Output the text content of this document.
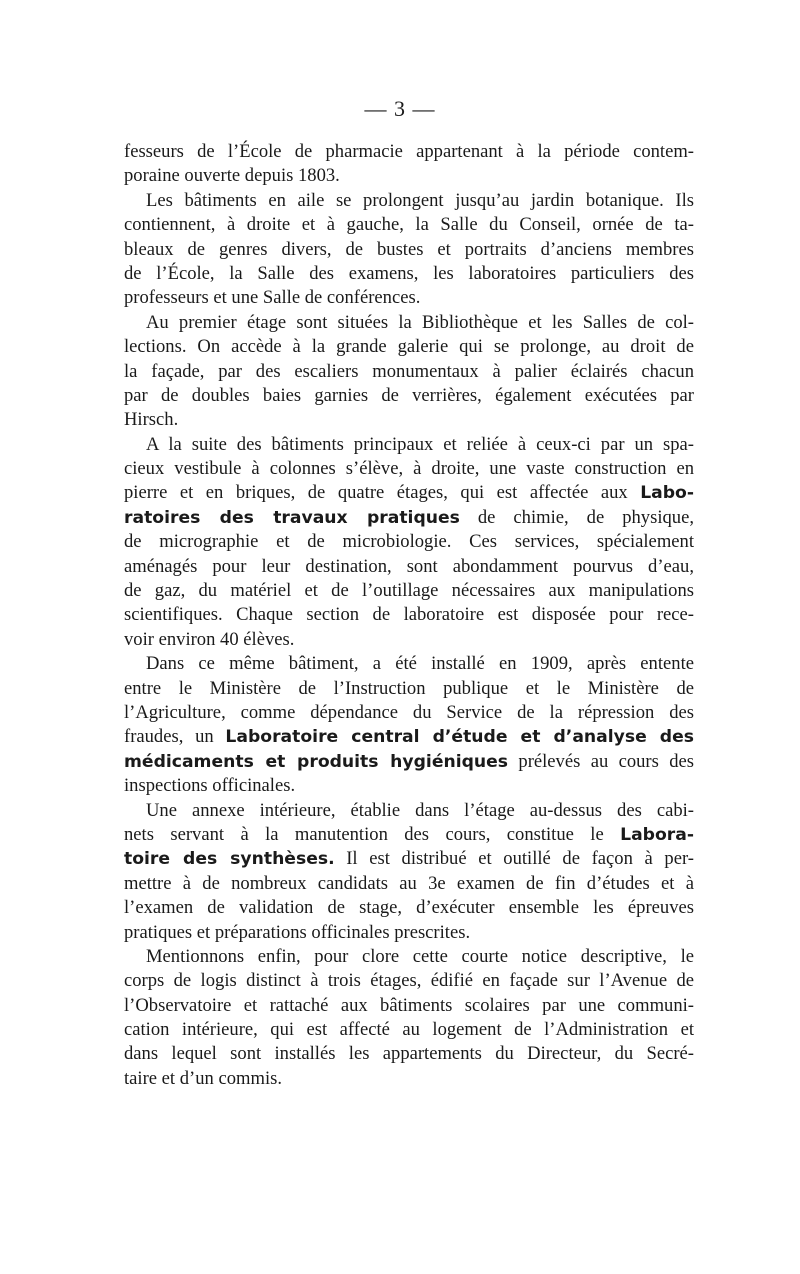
— 3 —
fesseurs de l’École de pharmacie appartenant à la période contem-
poraine ouverte depuis 1803.
Les bâtiments en aile se prolongent jusqu’au jardin botanique. Ils
contiennent, à droite et à gauche, la Salle du Conseil, ornée de ta-
bleaux de genres divers, de bustes et portraits d’anciens membres
de l’École, la Salle des examens, les laboratoires particuliers des
professeurs et une Salle de conférences.
Au premier étage sont situées la Bibliothèque et les Salles de col-
lections. On accède à la grande galerie qui se prolonge, au droit de
la façade, par des escaliers monumentaux à palier éclairés chacun
par de doubles baies garnies de verrières, également exécutées par
Hirsch.
A la suite des bâtiments principaux et reliée à ceux-ci par un spa-
cieux vestibule à colonnes s’élève, à droite, une vaste construction en
pierre et en briques, de quatre étages, qui est affectée aux Labo-
ratoires des travaux pratiques de chimie, de physique,
de micrographie et de microbiologie. Ces services, spécialement
aménagés pour leur destination, sont abondamment pourvus d’eau,
de gaz, du matériel et de l’outillage nécessaires aux manipulations
scientifiques. Chaque section de laboratoire est disposée pour rece-
voir environ 40 élèves.
Dans ce même bâtiment, a été installé en 1909, après entente
entre le Ministère de l’Instruction publique et le Ministère de
l’Agriculture, comme dépendance du Service de la répression des
fraudes, un Laboratoire central d’étude et d’analyse des
médicaments et produits hygiéniques prélevés au cours des
inspections officinales.
Une annexe intérieure, établie dans l’étage au-dessus des cabi-
nets servant à la manutention des cours, constitue le Labora-
toire des synthèses. Il est distribué et outillé de façon à per-
mettre à de nombreux candidats au 3e examen de fin d’études et à
l’examen de validation de stage, d’exécuter ensemble les épreuves
pratiques et préparations officinales prescrites.
Mentionnons enfin, pour clore cette courte notice descriptive, le
corps de logis distinct à trois étages, édifié en façade sur l’Avenue de
l’Observatoire et rattaché aux bâtiments scolaires par une communi-
cation intérieure, qui est affecté au logement de l’Administration et
dans lequel sont installés les appartements du Directeur, du Secré-
taire et d’un commis.
